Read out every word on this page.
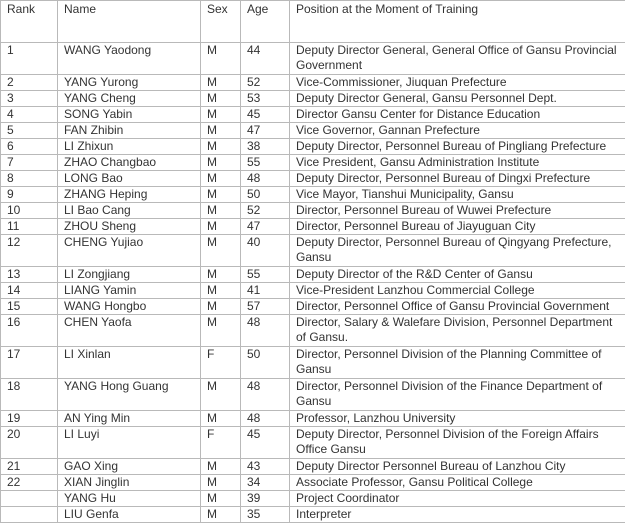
Rank	Name	Sex	Age	Position at the Moment of Training
1	WANG Yaodong	M	44	Deputy Director General, General Office of Gansu Provincial Government
2	YANG Yurong	M	52	Vice-Commissioner, Jiuquan Prefecture
3	YANG Cheng	M	53	Deputy Director General, Gansu Personnel Dept.
4	SONG Yabin	M	45	Director Gansu Center for Distance Education
5	FAN Zhibin	M	47	Vice Governor, Gannan Prefecture
6	LI Zhixun	M	38	Deputy Director, Personnel Bureau of Pingliang Prefecture
7	ZHAO Changbao	M	55	Vice President, Gansu Administration Institute
8	LONG Bao	M	48	Deputy Director, Personnel Bureau of Dingxi Prefecture
9	ZHANG Heping	M	50	Vice Mayor, Tianshui Municipality, Gansu
10	LI Bao Cang	M	52	Director, Personnel Bureau of Wuwei Prefecture
11	ZHOU Sheng	M	47	Director, Personnel Bureau of Jiayuguan City
12	CHENG Yujiao	M	40	Deputy Director, Personnel Bureau of Qingyang Prefecture, Gansu
13	LI Zongjiang	M	55	Deputy Director of the R&D Center of Gansu
14	LIANG Yamin	M	41	Vice-President Lanzhou Commercial College
15	WANG Hongbo	M	57	Director, Personnel Office of Gansu Provincial Government
16	CHEN Yaofa	M	48	Director, Salary & Walefare Division, Personnel Department of Gansu.
17	LI Xinlan	F	50	Director, Personnel Division of the Planning Committee of Gansu
18	YANG Hong Guang	M	48	Director, Personnel Division of the Finance Department of Gansu
19	AN Ying Min	M	48	Professor, Lanzhou University
20	LI Luyi	F	45	Deputy Director, Personnel Division of the Foreign Affairs Office Gansu
21	GAO Xing	M	43	Deputy Director Personnel Bureau of Lanzhou City
22	XIAN Jinglin	M	34	Associate Professor, Gansu Political College
	YANG Hu	M	39	Project Coordinator
	LIU Genfa	M	35	Interpreter
